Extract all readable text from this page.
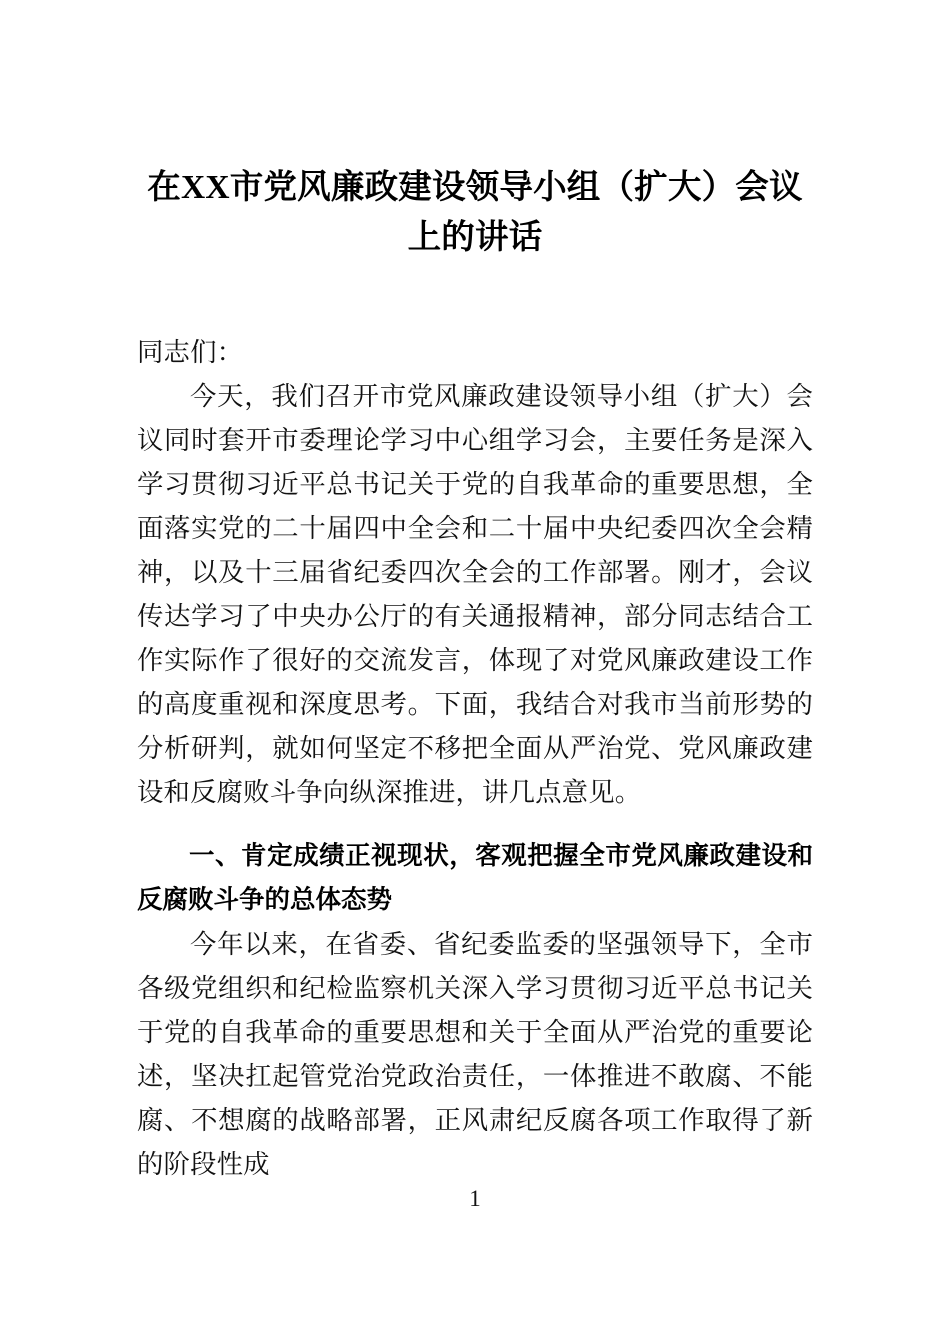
在XX市党风廉政建设领导小组（扩大）会议上的讲话

同志们：

今天，我们召开市党风廉政建设领导小组（扩大）会议同时套开市委理论学习中心组学习会，主要任务是深入学习贯彻习近平总书记关于党的自我革命的重要思想，全面落实党的二十届四中全会和二十届中央纪委四次全会精神，以及十三届省纪委四次全会的工作部署。刚才，会议传达学习了中央办公厅的有关通报精神，部分同志结合工作实际作了很好的交流发言，体现了对党风廉政建设工作的高度重视和深度思考。下面，我结合对我市当前形势的分析研判，就如何坚定不移把全面从严治党、党风廉政建设和反腐败斗争向纵深推进，讲几点意见。

一、肯定成绩正视现状，客观把握全市党风廉政建设和反腐败斗争的总体态势

今年以来，在省委、省纪委监委的坚强领导下，全市各级党组织和纪检监察机关深入学习贯彻习近平总书记关于党的自我革命的重要思想和关于全面从严治党的重要论述，坚决扛起管党治党政治责任，一体推进不敢腐、不能腐、不想腐的战略部署，正风肃纪反腐各项工作取得了新的阶段性成

1
